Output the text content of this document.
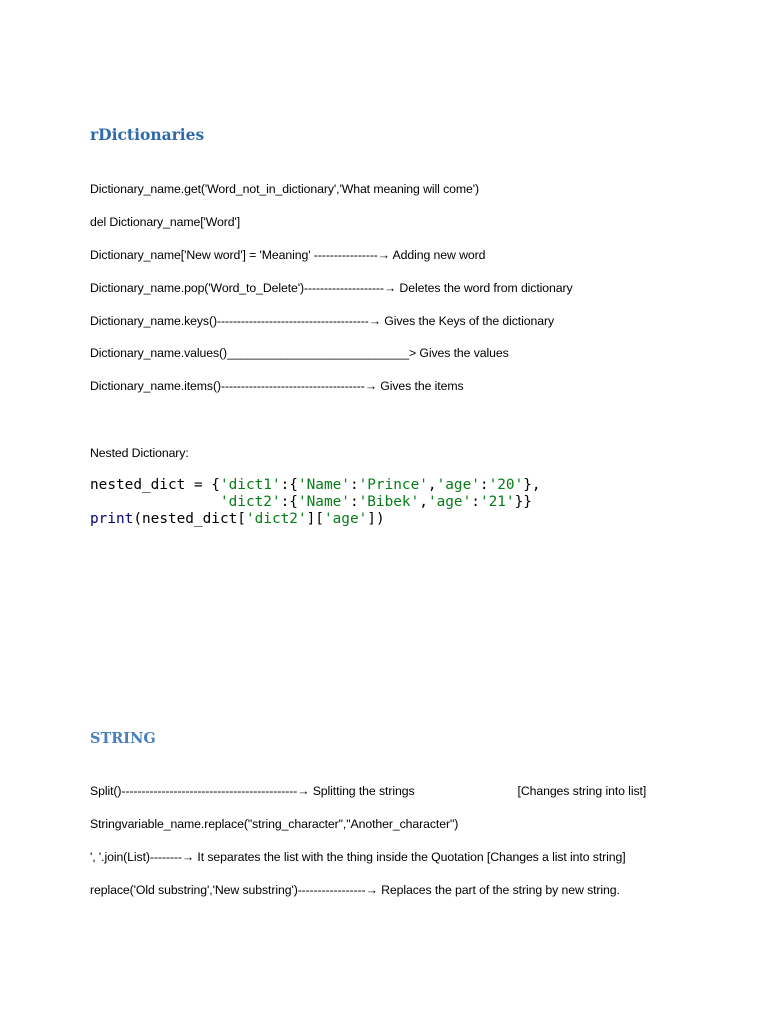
rDictionaries
Dictionary_name.get('Word_not_in_dictionary','What meaning will come')
del Dictionary_name['Word']
Dictionary_name['New word'] = 'Meaning' ----------------→ Adding new word
Dictionary_name.pop('Word_to_Delete')--------------------→ Deletes the word from dictionary
Dictionary_name.keys()--------------------------------------→ Gives the Keys of the dictionary
Dictionary_name.values()___________________________> Gives the values
Dictionary_name.items()------------------------------------→ Gives the items
Nested Dictionary:
nested_dict = {'dict1':{'Name':'Prince','age':'20'},
'dict2':{'Name':'Bibek','age':'21'}}
print(nested_dict['dict2']['age'])
STRING
Split()--------------------------------------------→ Splitting the strings	[Changes string into list]
Stringvariable_name.replace("string_character","Another_character")
', '.join(List)--------→ It separates the list with the thing inside the Quotation [Changes a list into string]
replace('Old substring','New substring')-----------------→ Replaces the part of the string by new string.
